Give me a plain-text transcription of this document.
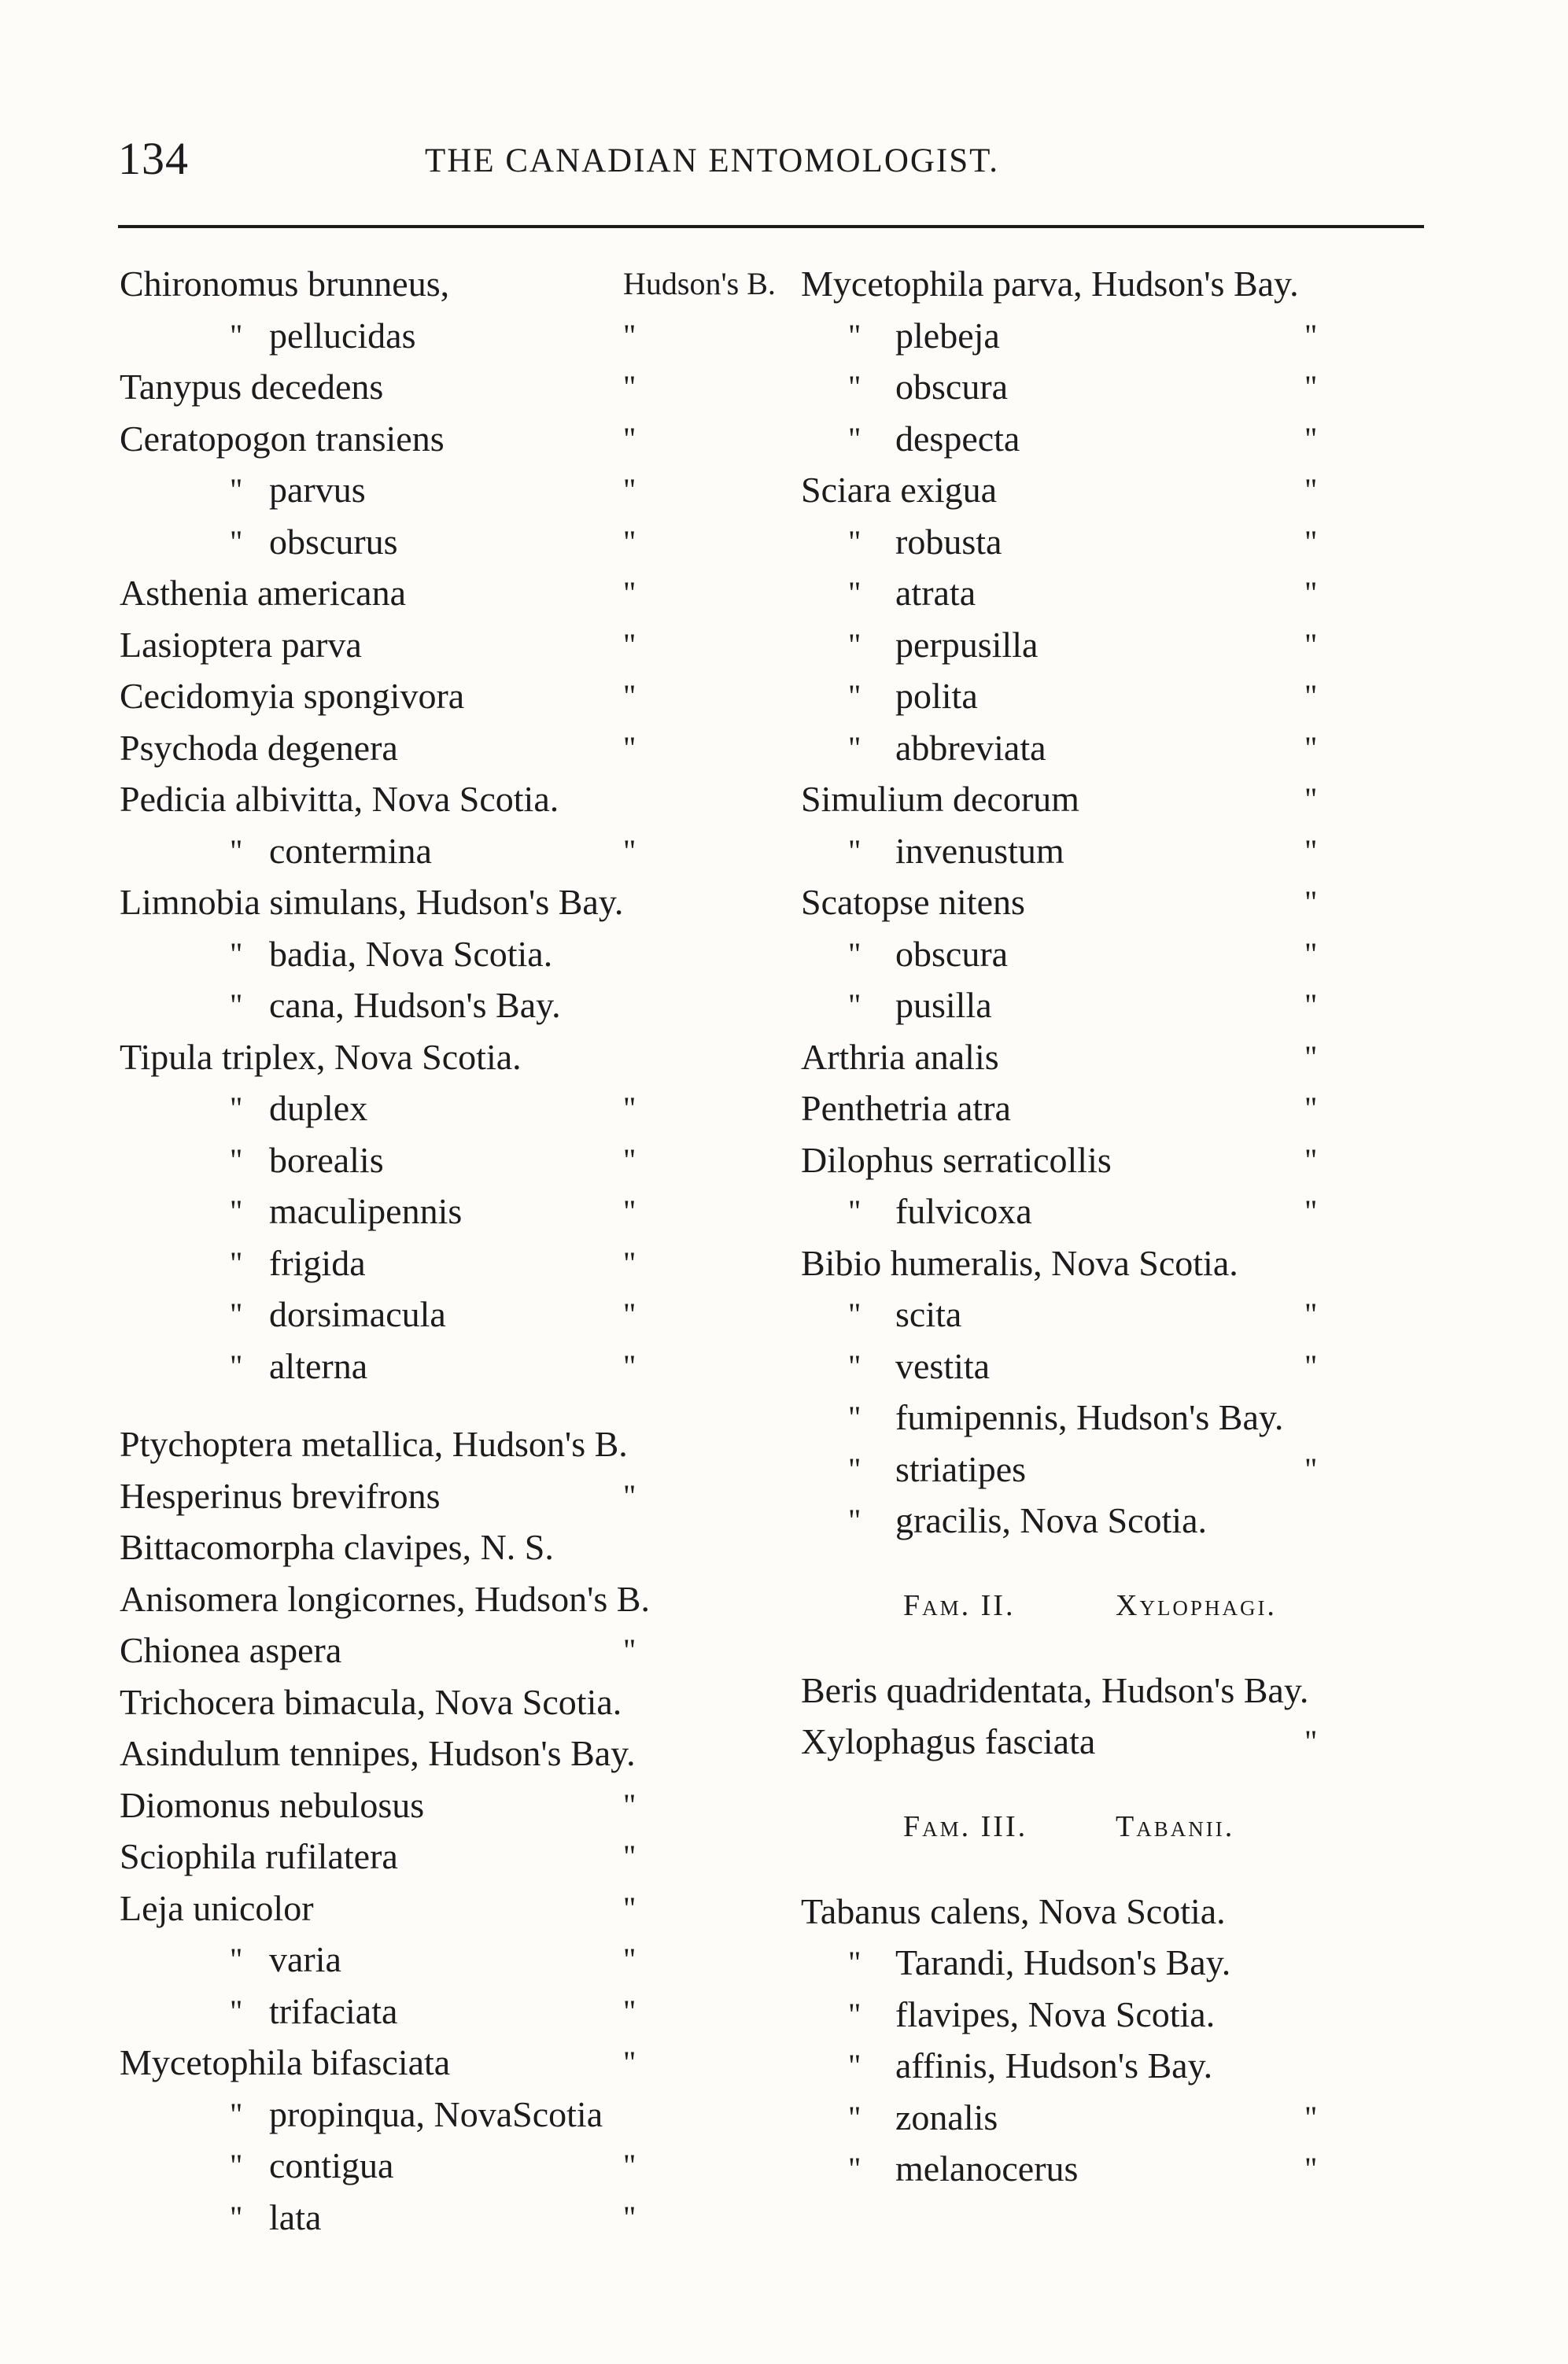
134	THE CANADIAN ENTOMOLOGIST.
Chironomus brunneus,	Hudson's B.
" pellucidas	"
Tanypus decedens	"
Ceratopogon transiens	"
" parvus	"
" obscurus	"
Asthenia americana	"
Lasioptera parva	"
Cecidomyia spongivora	"
Psychoda degenera	"
Pedicia albivitta, Nova Scotia.
" contermina	"
Limnobia simulans, Hudson's Bay.
" badia, Nova Scotia.
" cana, Hudson's Bay.
Tipula triplex, Nova Scotia.
" duplex	"
" borealis	"
" maculipennis	"
" frigida	"
" dorsimacula	"
" alterna	"
Ptychoptera metallica, Hudson's B.
Hesperinus brevifrons	"
Bittacomorpha clavipes, N. S.
Anisomera longicornes, Hudson's B.
Chionea aspera	"
Trichocera bimacula, Nova Scotia.
Asindulum tennipes, Hudson's Bay.
Diomonus nebulosus	"
Sciophila rufilatera	"
Leja unicolor	"
" varia	"
" trifaciata	"
Mycetophila bifasciata	"
" propinqua, NovaScotia
" contigua	"
" lata	"
Mycetophila parva, Hudson's Bay.
" plebeja	"
" obscura	"
" despecta	"
Sciara exigua	"
" robusta	"
" atrata	"
" perpusilla	"
" polita	"
" abbreviata	"
Simulium decorum	"
" invenustum	"
Scatopse nitens	"
" obscura	"
" pusilla	"
Arthria analis	"
Penthetria atra	"
Dilophus serraticollis	"
" fulvicoxa	"
Bibio humeralis, Nova Scotia.
" scita	"
" vestita	"
" fumipennis, Hudson's Bay.
" striatipes	"
" gracilis, Nova Scotia.
Fam. II.	Xylophagi.
Beris quadridentata, Hudson's Bay.
Xylophagus fasciata	"
Fam. III.	Tabanii.
Tabanus calens, Nova Scotia.
" Tarandi, Hudson's Bay.
" flavipes, Nova Scotia.
" affinis, Hudson's Bay.
" zonalis	"
" melanocerus	"
